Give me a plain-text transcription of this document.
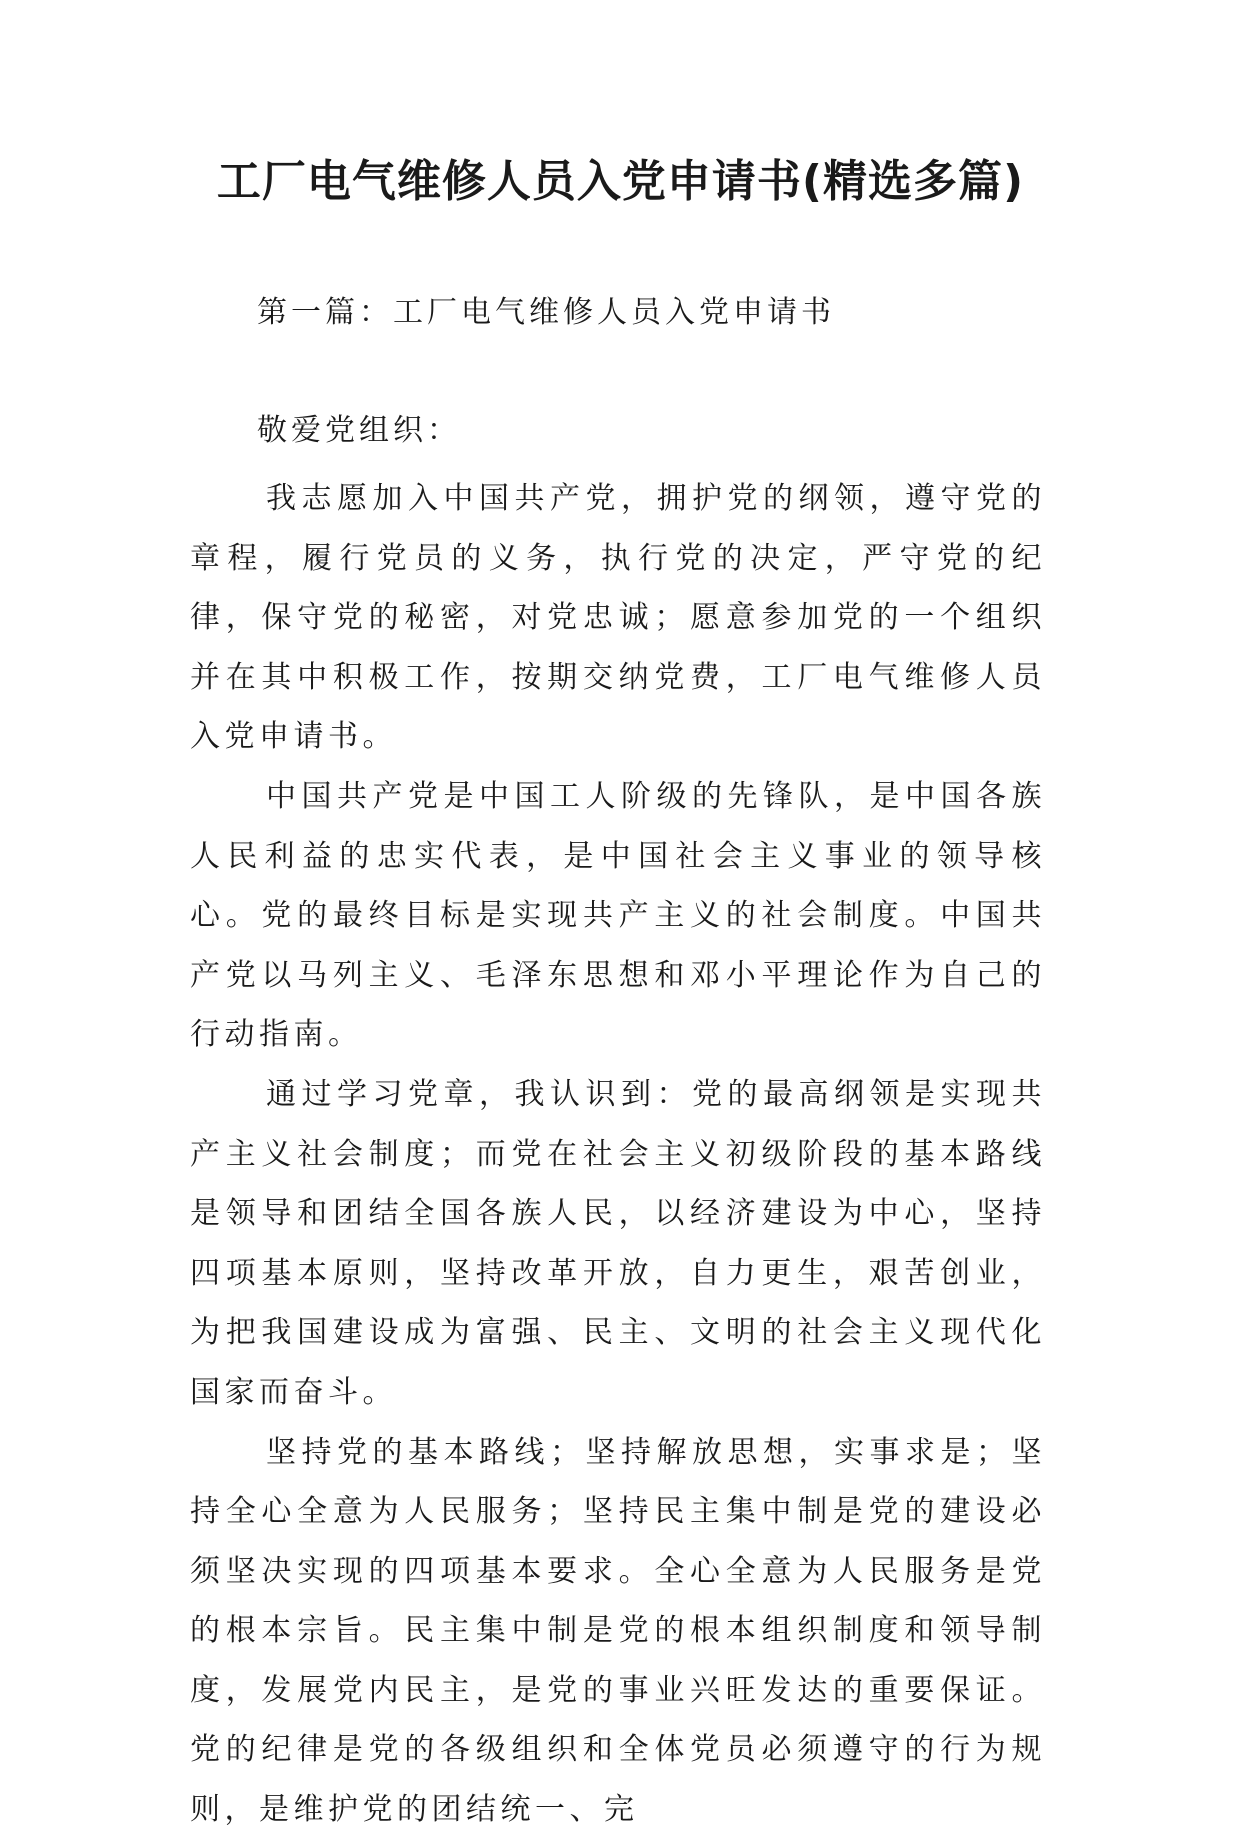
工厂电气维修人员入党申请书(精选多篇)

第一篇：工厂电气维修人员入党申请书

敬爱党组织：

我志愿加入中国共产党，拥护党的纲领，遵守党的章程，履行党员的义务，执行党的决定，严守党的纪律，保守党的秘密，对党忠诚；愿意参加党的一个组织并在其中积极工作，按期交纳党费，工厂电气维修人员入党申请书。

中国共产党是中国工人阶级的先锋队，是中国各族人民利益的忠实代表，是中国社会主义事业的领导核心。党的最终目标是实现共产主义的社会制度。中国共产党以马列主义、毛泽东思想和邓小平理论作为自己的行动指南。

通过学习党章，我认识到：党的最高纲领是实现共产主义社会制度；而党在社会主义初级阶段的基本路线是领导和团结全国各族人民，以经济建设为中心，坚持四项基本原则，坚持改革开放，自力更生，艰苦创业，为把我国建设成为富强、民主、文明的社会主义现代化国家而奋斗。

坚持党的基本路线；坚持解放思想，实事求是；坚持全心全意为人民服务；坚持民主集中制是党的建设必须坚决实现的四项基本要求。全心全意为人民服务是党的根本宗旨。民主集中制是党的根本组织制度和领导制度，发展党内民主，是党的事业兴旺发达的重要保证。党的纪律是党的各级组织和全体党员必须遵守的行为规则，是维护党的团结统一、完
